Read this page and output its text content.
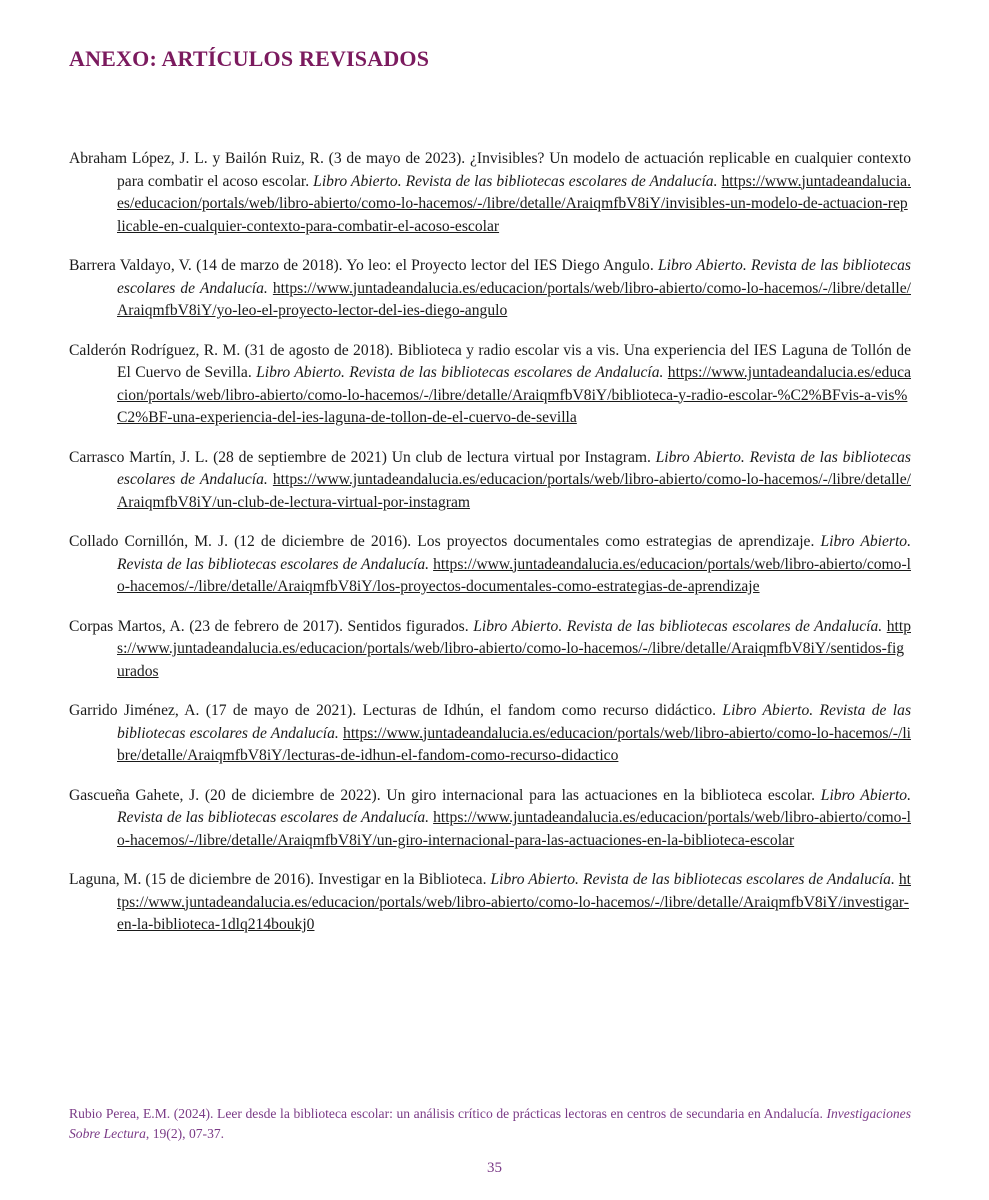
ANEXO: ARTÍCULOS REVISADOS

Abraham López, J. L. y Bailón Ruiz, R. (3 de mayo de 2023). ¿Invisibles? Un modelo de actuación replicable en cualquier contexto para combatir el acoso escolar. Libro Abierto. Revista de las bibliotecas escolares de Andalucía. https://www.juntadeandalucia.es/educacion/portals/web/libro-abierto/como-lo-hacemos/-/libre/detalle/AraiqmfbV8iY/invisibles-un-modelo-de-actuacion-replicable-en-cualquier-contexto-para-combatir-el-acoso-escolar

Barrera Valdayo, V. (14 de marzo de 2018). Yo leo: el Proyecto lector del IES Diego Angulo. Libro Abierto. Revista de las bibliotecas escolares de Andalucía. https://www.juntadeandalucia.es/educacion/portals/web/libro-abierto/como-lo-hacemos/-/libre/detalle/AraiqmfbV8iY/yo-leo-el-proyecto-lector-del-ies-diego-angulo

Calderón Rodríguez, R. M. (31 de agosto de 2018). Biblioteca y radio escolar vis a vis. Una experiencia del IES Laguna de Tollón de El Cuervo de Sevilla. Libro Abierto. Revista de las bibliotecas escolares de Andalucía. https://www.juntadeandalucia.es/educacion/portals/web/libro-abierto/como-lo-hacemos/-/libre/detalle/AraiqmfbV8iY/biblioteca-y-radio-escolar-%C2%BFvis-a-vis%C2%BF-una-experiencia-del-ies-laguna-de-tollon-de-el-cuervo-de-sevilla

Carrasco Martín, J. L. (28 de septiembre de 2021) Un club de lectura virtual por Instagram. Libro Abierto. Revista de las bibliotecas escolares de Andalucía. https://www.juntadeandalucia.es/educacion/portals/web/libro-abierto/como-lo-hacemos/-/libre/detalle/AraiqmfbV8iY/un-club-de-lectura-virtual-por-instagram

Collado Cornillón, M. J. (12 de diciembre de 2016). Los proyectos documentales como estrategias de aprendizaje. Libro Abierto. Revista de las bibliotecas escolares de Andalucía. https://www.juntadeandalucia.es/educacion/portals/web/libro-abierto/como-lo-hacemos/-/libre/detalle/AraiqmfbV8iY/los-proyectos-documentales-como-estrategias-de-aprendizaje

Corpas Martos, A. (23 de febrero de 2017). Sentidos figurados. Libro Abierto. Revista de las bibliotecas escolares de Andalucía. https://www.juntadeandalucia.es/educacion/portals/web/libro-abierto/como-lo-hacemos/-/libre/detalle/AraiqmfbV8iY/sentidos-figurados

Garrido Jiménez, A. (17 de mayo de 2021). Lecturas de Idhún, el fandom como recurso didáctico. Libro Abierto. Revista de las bibliotecas escolares de Andalucía. https://www.juntadeandalucia.es/educacion/portals/web/libro-abierto/como-lo-hacemos/-/libre/detalle/AraiqmfbV8iY/lecturas-de-idhun-el-fandom-como-recurso-didactico

Gascueña Gahete, J. (20 de diciembre de 2022). Un giro internacional para las actuaciones en la biblioteca escolar. Libro Abierto. Revista de las bibliotecas escolares de Andalucía. https://www.juntadeandalucia.es/educacion/portals/web/libro-abierto/como-lo-hacemos/-/libre/detalle/AraiqmfbV8iY/un-giro-internacional-para-las-actuaciones-en-la-biblioteca-escolar

Laguna, M. (15 de diciembre de 2016). Investigar en la Biblioteca. Libro Abierto. Revista de las bibliotecas escolares de Andalucía. https://www.juntadeandalucia.es/educacion/portals/web/libro-abierto/como-lo-hacemos/-/libre/detalle/AraiqmfbV8iY/investigar-en-la-biblioteca-1dlq214boukj0

Rubio Perea, E.M. (2024). Leer desde la biblioteca escolar: un análisis crítico de prácticas lectoras en centros de secundaria en Andalucía. Investigaciones Sobre Lectura, 19(2), 07-37.

35
